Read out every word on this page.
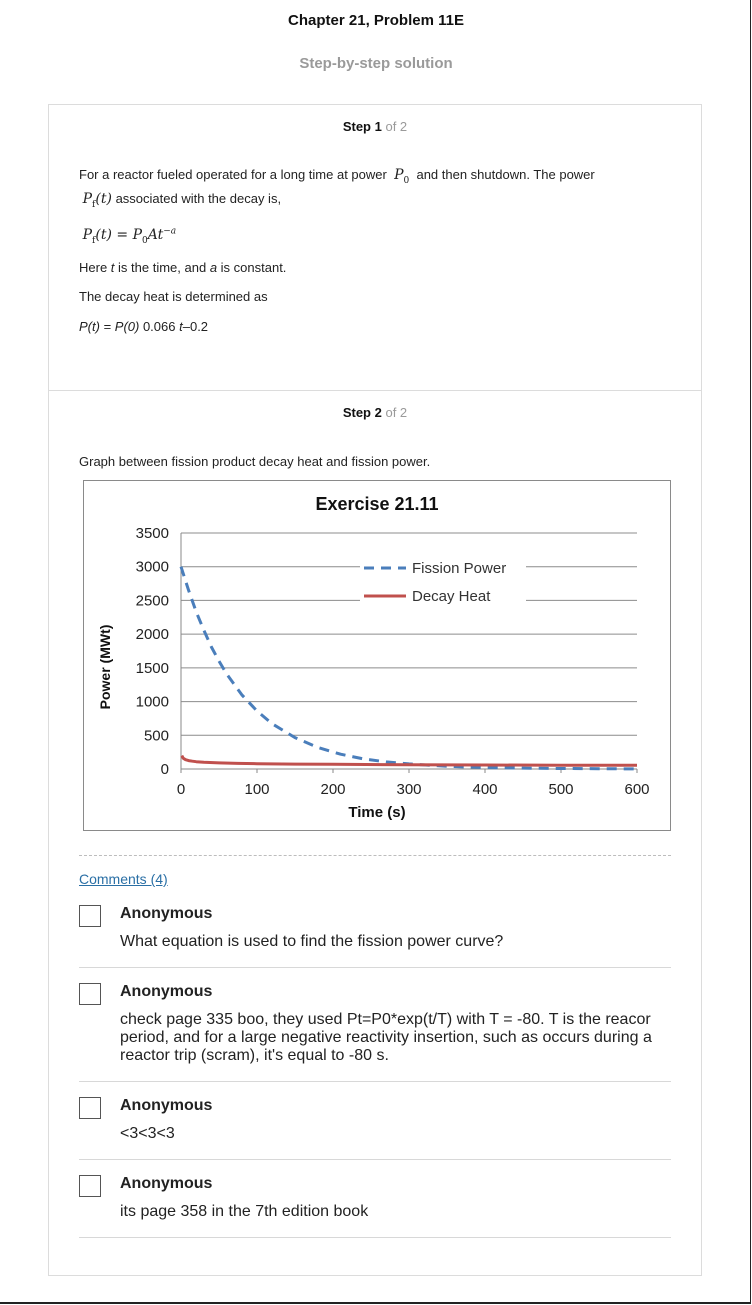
Chapter 21, Problem 11E
Step-by-step solution
Step 1 of 2
For a reactor fueled operated for a long time at power $P_0$ and then shutdown. The power
$P_f(t)$ associated with the decay is,
$P_f(t) = P_0At^{-a}$
Here t is the time, and a is constant.
The decay heat is determined as
P(t) = P(0) 0.066 t–0.2
Step 2 of 2
Graph between fission product decay heat and fission power.
Exercise 21.11
0
500
1000
1500
2000
2500
3000
3500
0	100	200	300	400	500	600
Time (s)
Power (MWt)
Fission Power
Decay Heat
Comments (4)
Anonymous
What equation is used to find the fission power curve?
Anonymous
check page 335 boo, they used Pt=P0*exp(t/T) with T = -80. T is the reacor period, and for a large negative reactivity insertion, such as occurs during a reactor trip (scram), it's equal to -80 s.
Anonymous
<3<3<3
Anonymous
its page 358 in the 7th edition book
